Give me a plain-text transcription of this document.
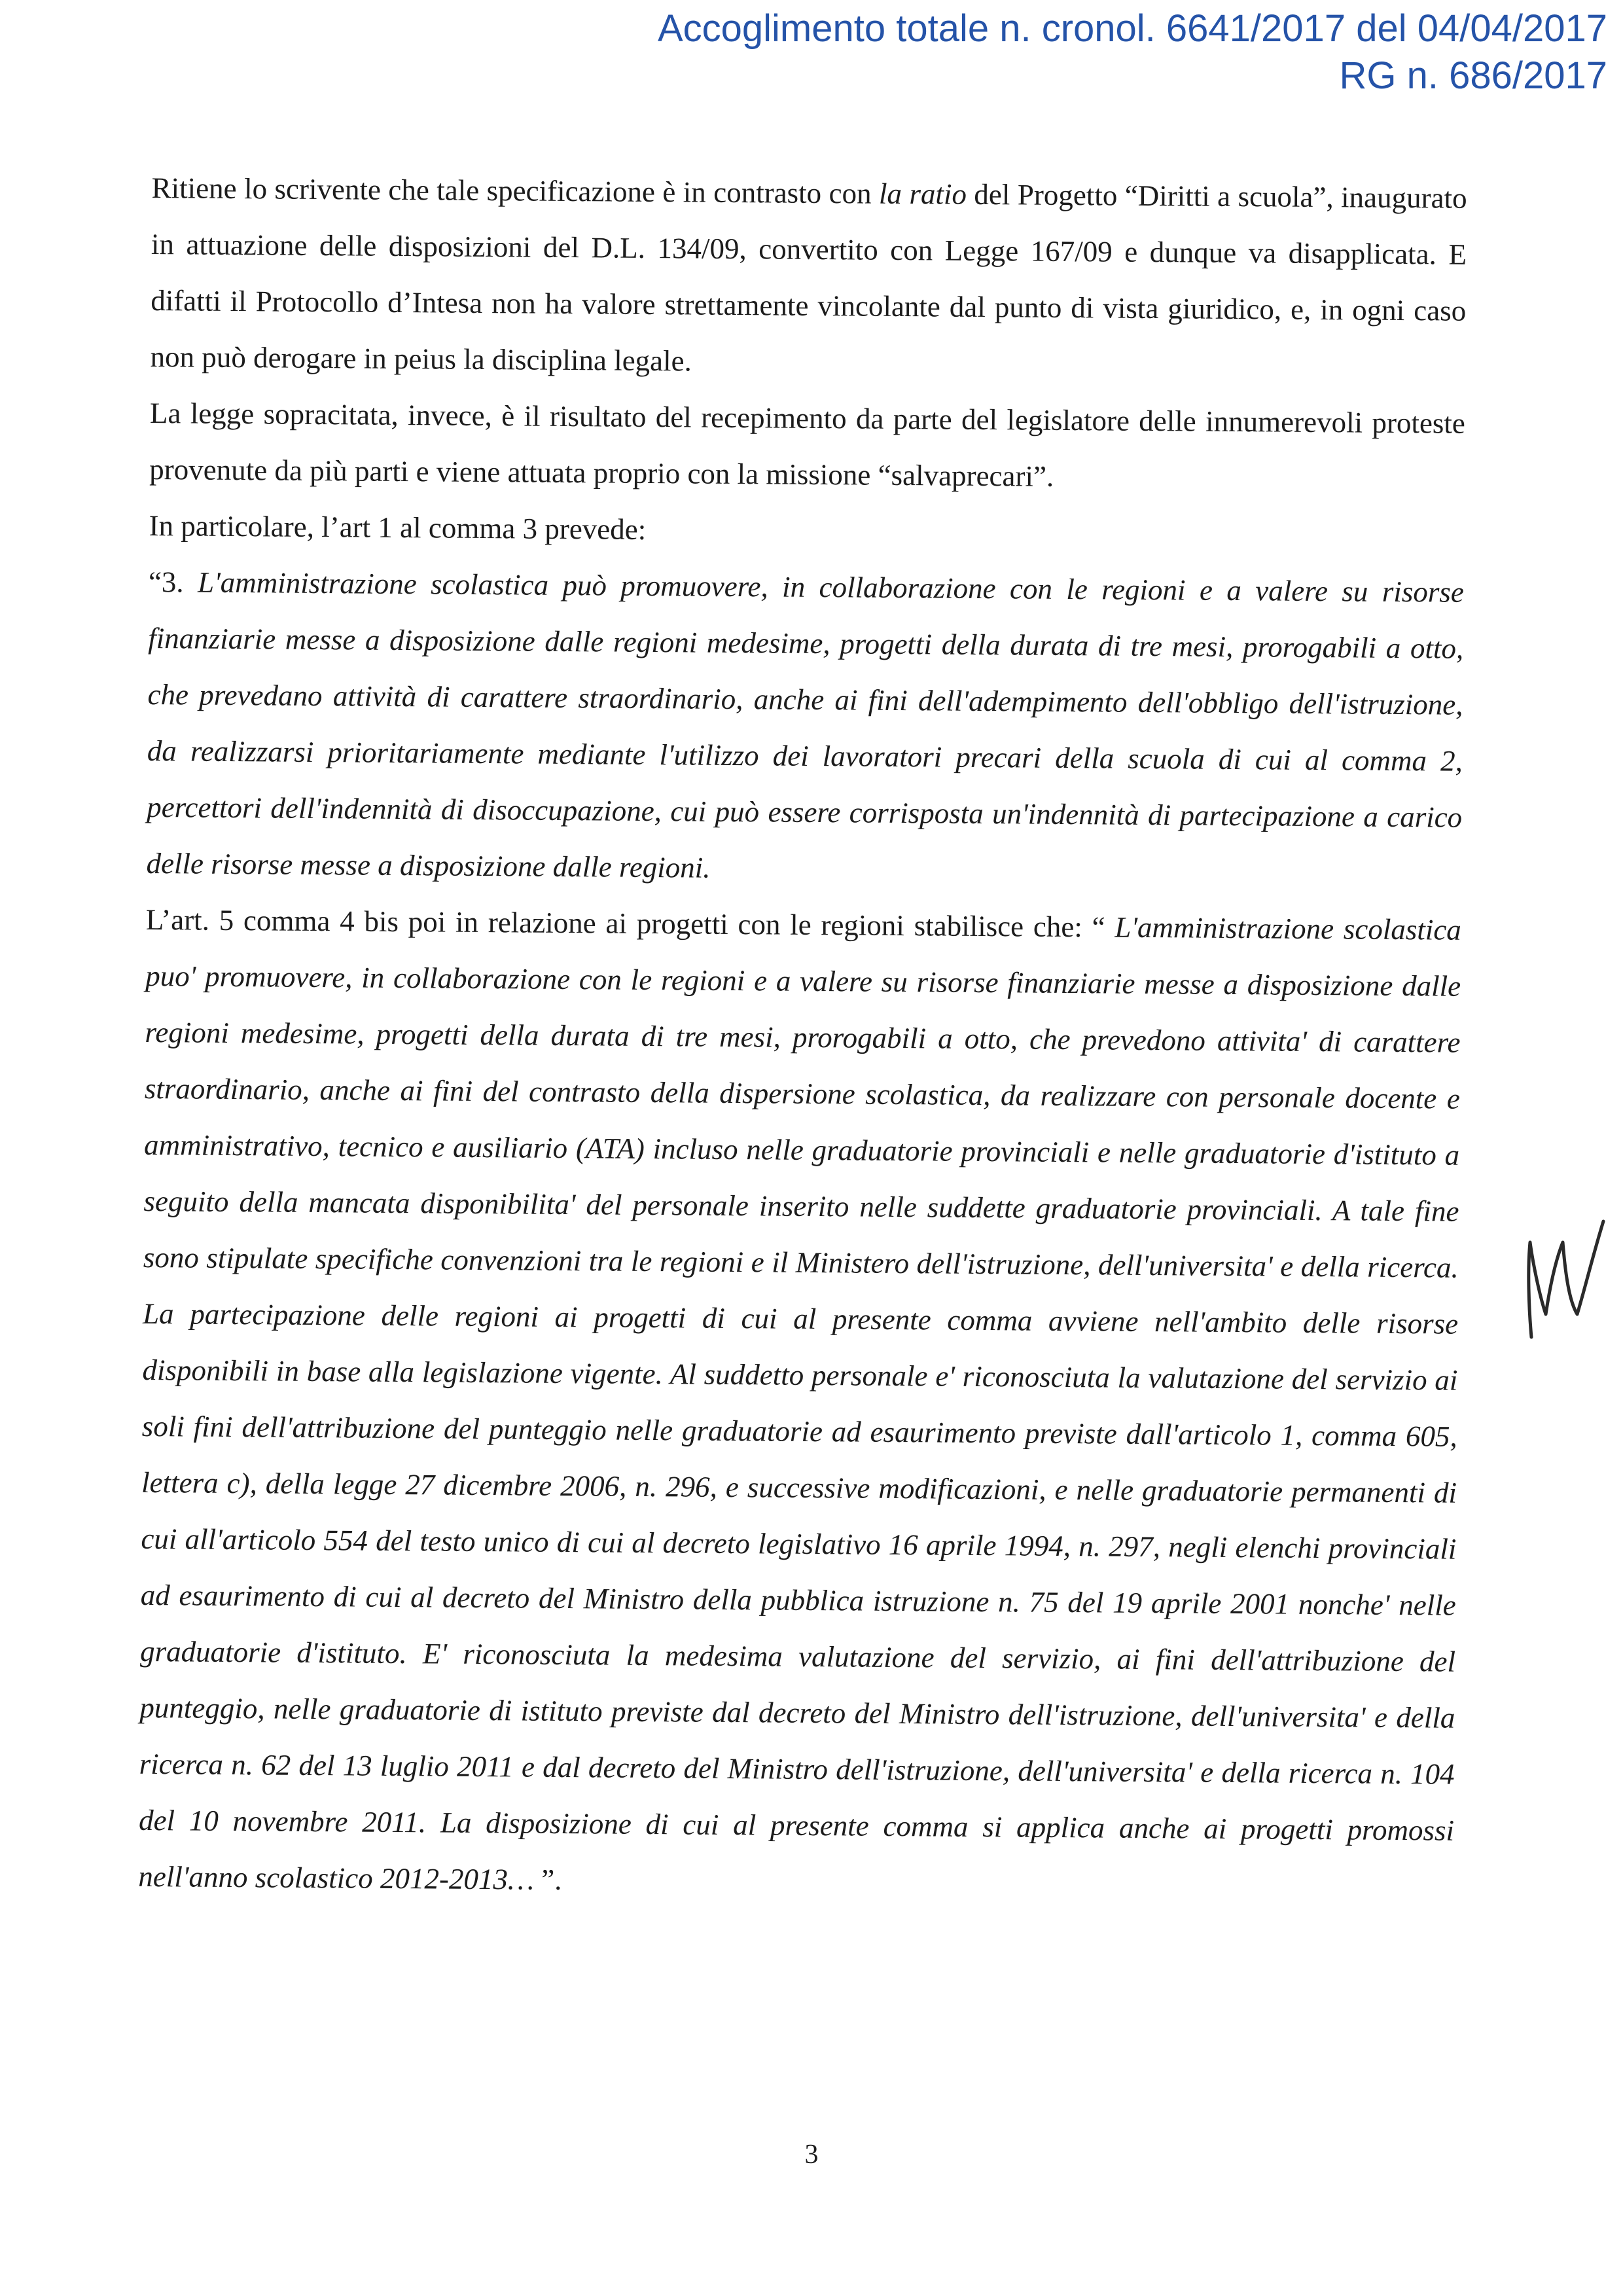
Accoglimento totale n. cronol. 6641/2017 del 04/04/2017
RG n. 686/2017

Ritiene lo scrivente che tale specificazione è in contrasto con la ratio del Progetto “Diritti a scuola”, inaugurato in attuazione delle disposizioni del D.L. 134/09, convertito con Legge 167/09 e dunque va disapplicata. E difatti il Protocollo d’Intesa non ha valore strettamente vincolante dal punto di vista giuridico, e, in ogni caso non può derogare in peius la disciplina legale.

La legge sopracitata, invece, è il risultato del recepimento da parte del legislatore delle innumerevoli proteste provenute da più parti e viene attuata proprio con la missione “salvaprecari”.

In particolare, l’art 1 al comma 3 prevede:

“3. L'amministrazione scolastica può promuovere, in collaborazione con le regioni e a valere su risorse finanziarie messe a disposizione dalle regioni medesime, progetti della durata di tre mesi, prorogabili a otto, che prevedano attività di carattere straordinario, anche ai fini dell'adempimento dell'obbligo dell'istruzione, da realizzarsi prioritariamente mediante l'utilizzo dei lavoratori precari della scuola di cui al comma 2, percettori dell'indennità di disoccupazione, cui può essere corrisposta un'indennità di partecipazione a carico delle risorse messe a disposizione dalle regioni.

L’art. 5 comma 4 bis poi in relazione ai progetti con le regioni stabilisce che: “ L'amministrazione scolastica puo' promuovere, in collaborazione con le regioni e a valere su risorse finanziarie messe a disposizione dalle regioni medesime, progetti della durata di tre mesi, prorogabili a otto, che prevedono attivita' di carattere straordinario, anche ai fini del contrasto della dispersione scolastica, da realizzare con personale docente e amministrativo, tecnico e ausiliario (ATA) incluso nelle graduatorie provinciali e nelle graduatorie d'istituto a seguito della mancata disponibilita' del personale inserito nelle suddette graduatorie provinciali. A tale fine sono stipulate specifiche convenzioni tra le regioni e il Ministero dell'istruzione, dell'universita' e della ricerca. La partecipazione delle regioni ai progetti di cui al presente comma avviene nell'ambito delle risorse disponibili in base alla legislazione vigente. Al suddetto personale e' riconosciuta la valutazione del servizio ai soli fini dell'attribuzione del punteggio nelle graduatorie ad esaurimento previste dall'articolo 1, comma 605, lettera c), della legge 27 dicembre 2006, n. 296, e successive modificazioni, e nelle graduatorie permanenti di cui all'articolo 554 del testo unico di cui al decreto legislativo 16 aprile 1994, n. 297, negli elenchi provinciali ad esaurimento di cui al decreto del Ministro della pubblica istruzione n. 75 del 19 aprile 2001 nonche' nelle graduatorie d'istituto. E' riconosciuta la medesima valutazione del servizio, ai fini dell'attribuzione del punteggio, nelle graduatorie di istituto previste dal decreto del Ministro dell'istruzione, dell'universita' e della ricerca n. 62 del 13 luglio 2011 e dal decreto del Ministro dell'istruzione, dell'universita' e della ricerca n. 104 del 10 novembre 2011. La disposizione di cui al presente comma si applica anche ai progetti promossi nell'anno scolastico 2012-2013… ”.

3
